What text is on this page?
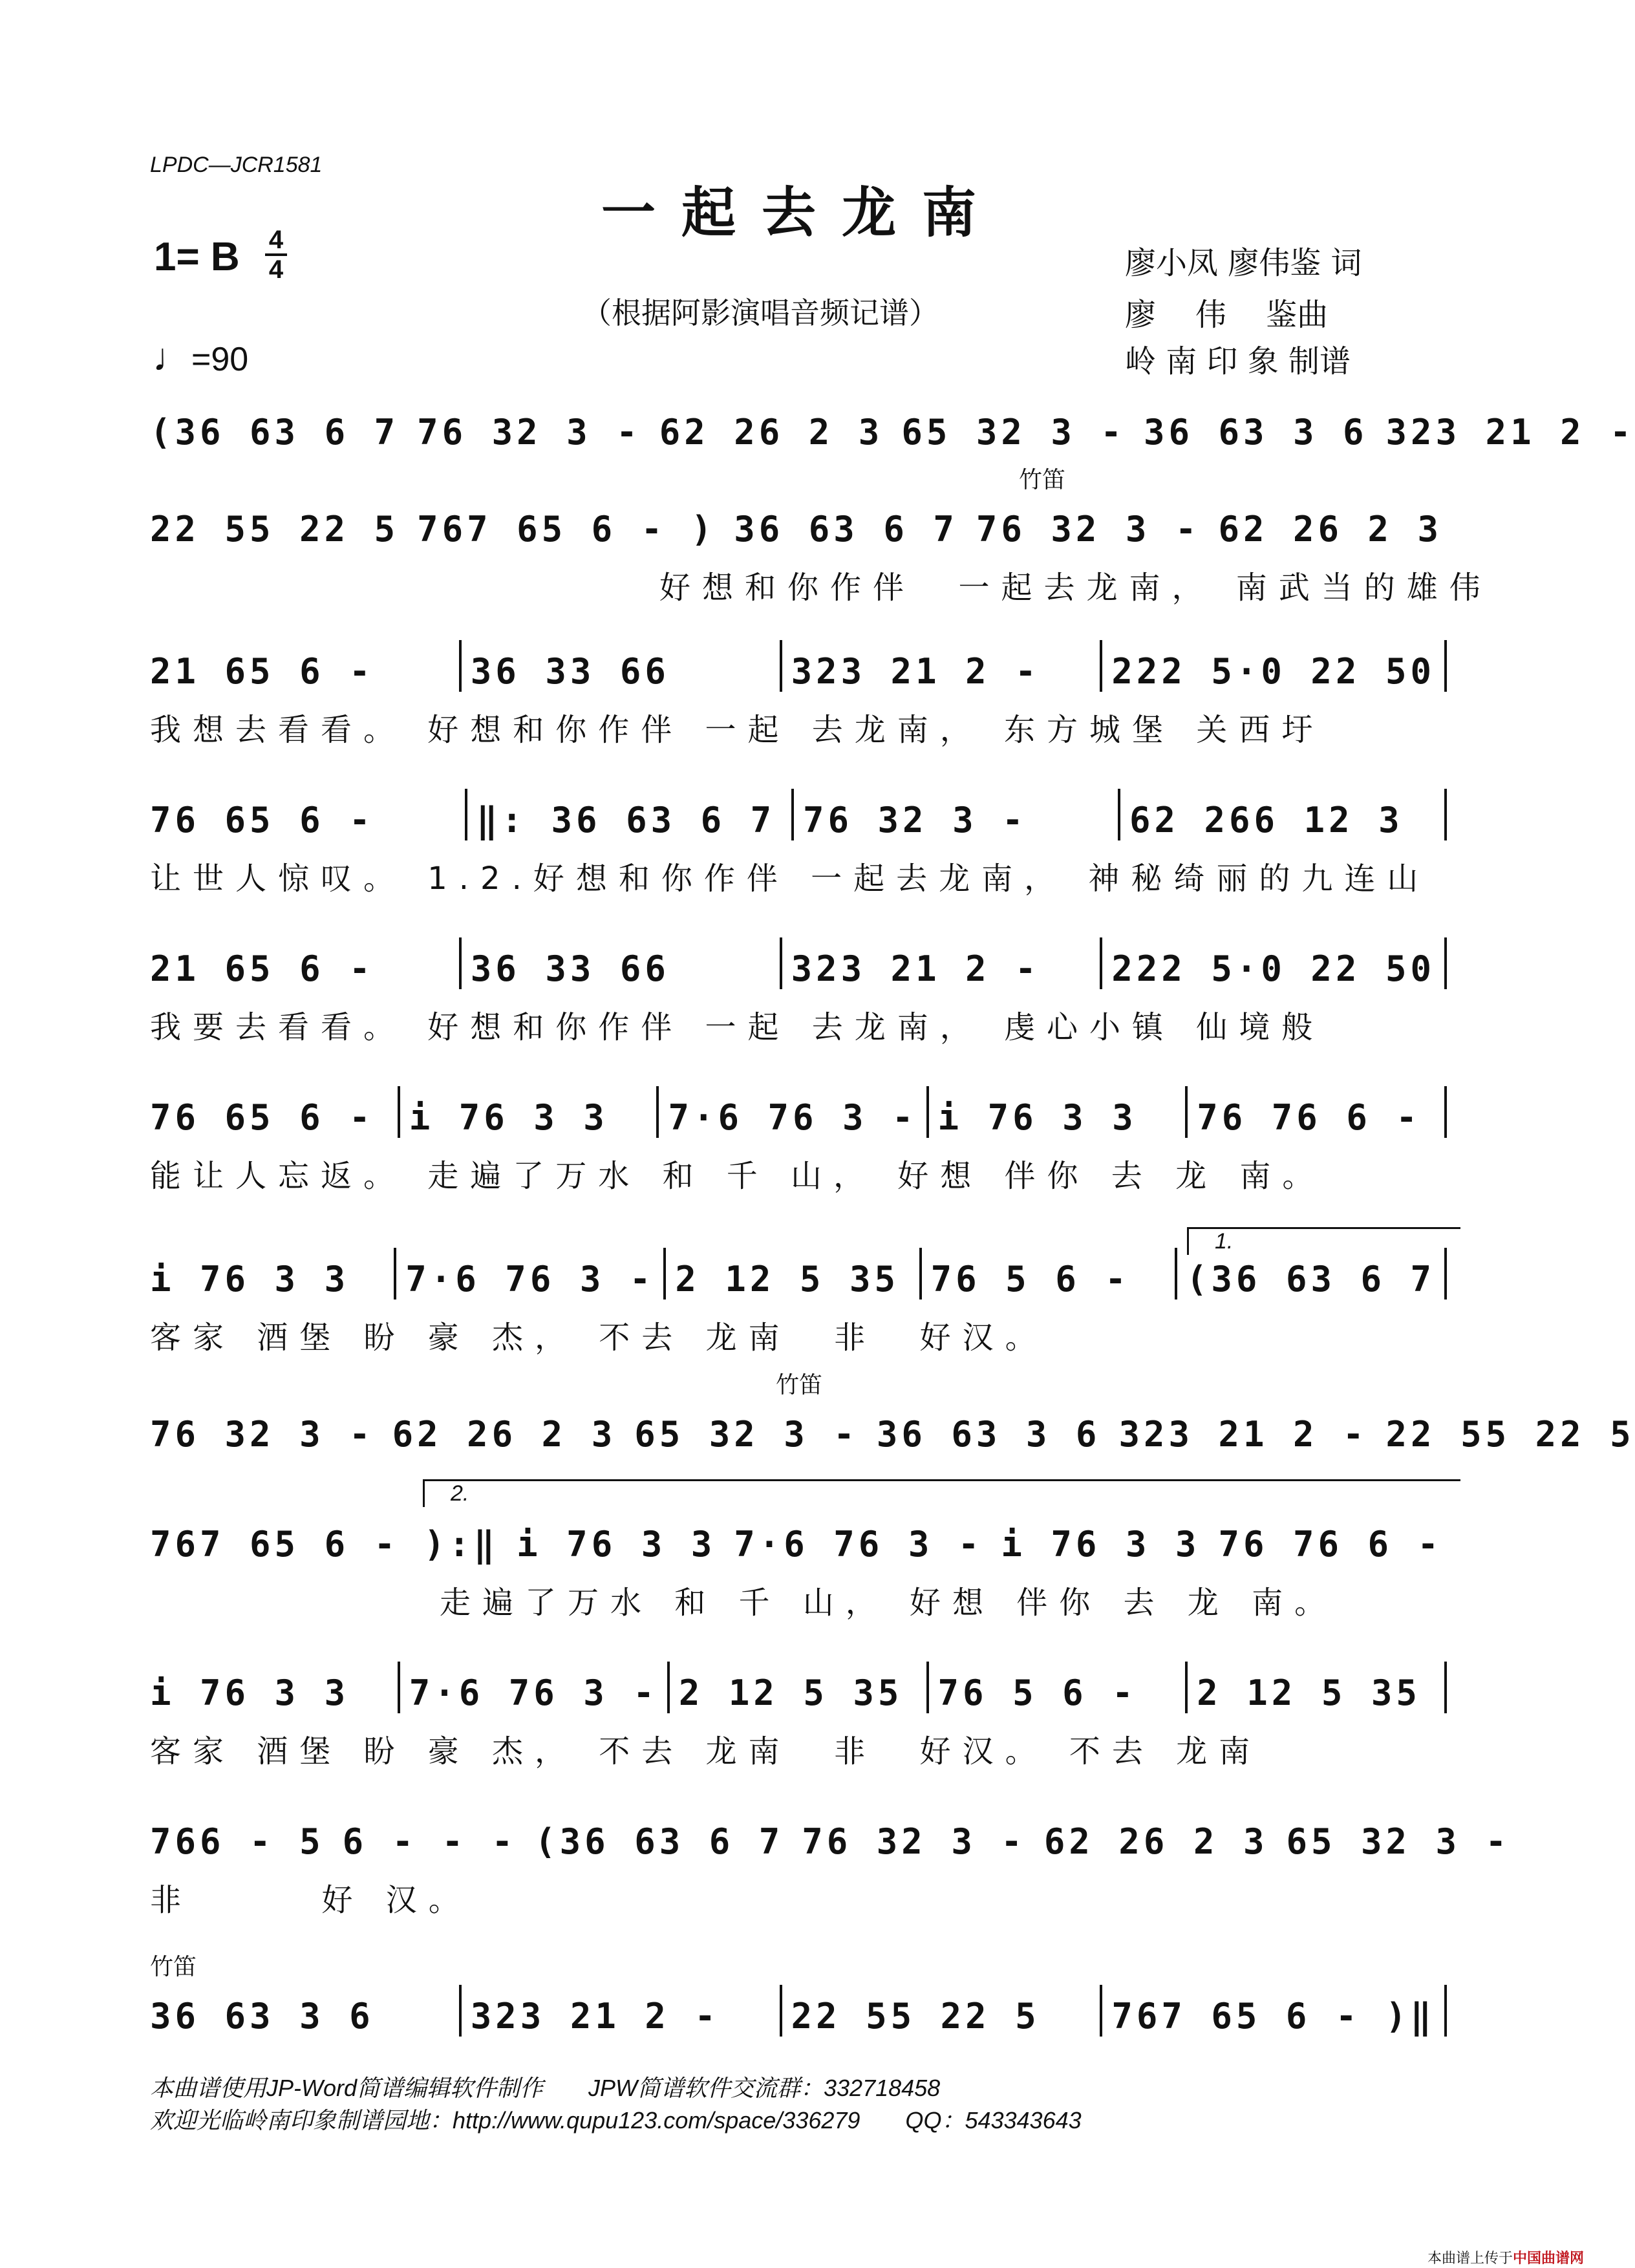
LPDC—JCR1581
一起去龙南
1= B 4
4
（根据阿影演唱音频记谱）
廖小凤 廖伟鉴 词
廖    伟    鉴曲
岭 南 印 象 制谱
♩=90
(36 63 6 7 76 32 3 - 62 26 2 3 65 32 3 - 36 63 3 6 323 21 2 -
竹笛
22 55 22 5 767 65 6 - ) 36 63 6 7 76 32 3 - 62 26 2 3
好想和你作伴  一起去龙南， 南武当的雄伟
21 65 6 -	36 33 66	323 21 2 -	222 5·0 22 50
我想去看看。 好想和你作伴 一起 去龙南， 东方城堡 关西圩
76 65 6 -	‖: 36 63 6 7 76 32 3 -	62 266 12 3
让世人惊叹。 1.2.好想和你作伴 一起去龙南， 神秘绮丽的九连山
21 65 6 -	36 33 66	323 21 2 -	222 5·0 22 50
我要去看看。 好想和你作伴 一起 去龙南， 虔心小镇 仙境般
76 65 6 -	i 76 3 3	7·6 76 3 - i 76 3 3	76 76 6 -
能让人忘返。 走遍了万水 和 千 山， 好想 伴你 去 龙 南。
i 76 3 3	7·6 76 3 - 2 12 5 35 76 5 6 -	(36 63 6 7
客家 酒堡 盼 豪 杰， 不去 龙南  非  好汉。
竹笛
76 32 3 - 62 26 2 3 65 32 3 - 36 63 3 6 323 21 2 - 22 55 22 5
767 65 6 - ):‖ i 76 3 3 7·6 76 3 - i 76 3 3 76 76 6 -
走遍了万水 和 千 山， 好想 伴你 去 龙 南。
i 76 3 3	7·6 76 3 - 2 12 5 35	76 5 6 -	2 12 5 35
客家 酒堡 盼 豪 杰， 不去 龙南  非  好汉。 不去 龙南
766 - 5 6 - - - (36 63 6 7 76 32 3 - 62 26 2 3 65 32 3 -
非      好 汉。
竹笛
36 63 3 6	323 21 2 -	22 55 22 5	767 65 6 - )‖
1.
2.
本曲谱使用JP-Word简谱编辑软件制作       JPW简谱软件交流群：332718458
欢迎光临岭南印象制谱园地：http://www.qupu123.com/space/336279       QQ：543343643
本曲谱上传于中国曲谱网
